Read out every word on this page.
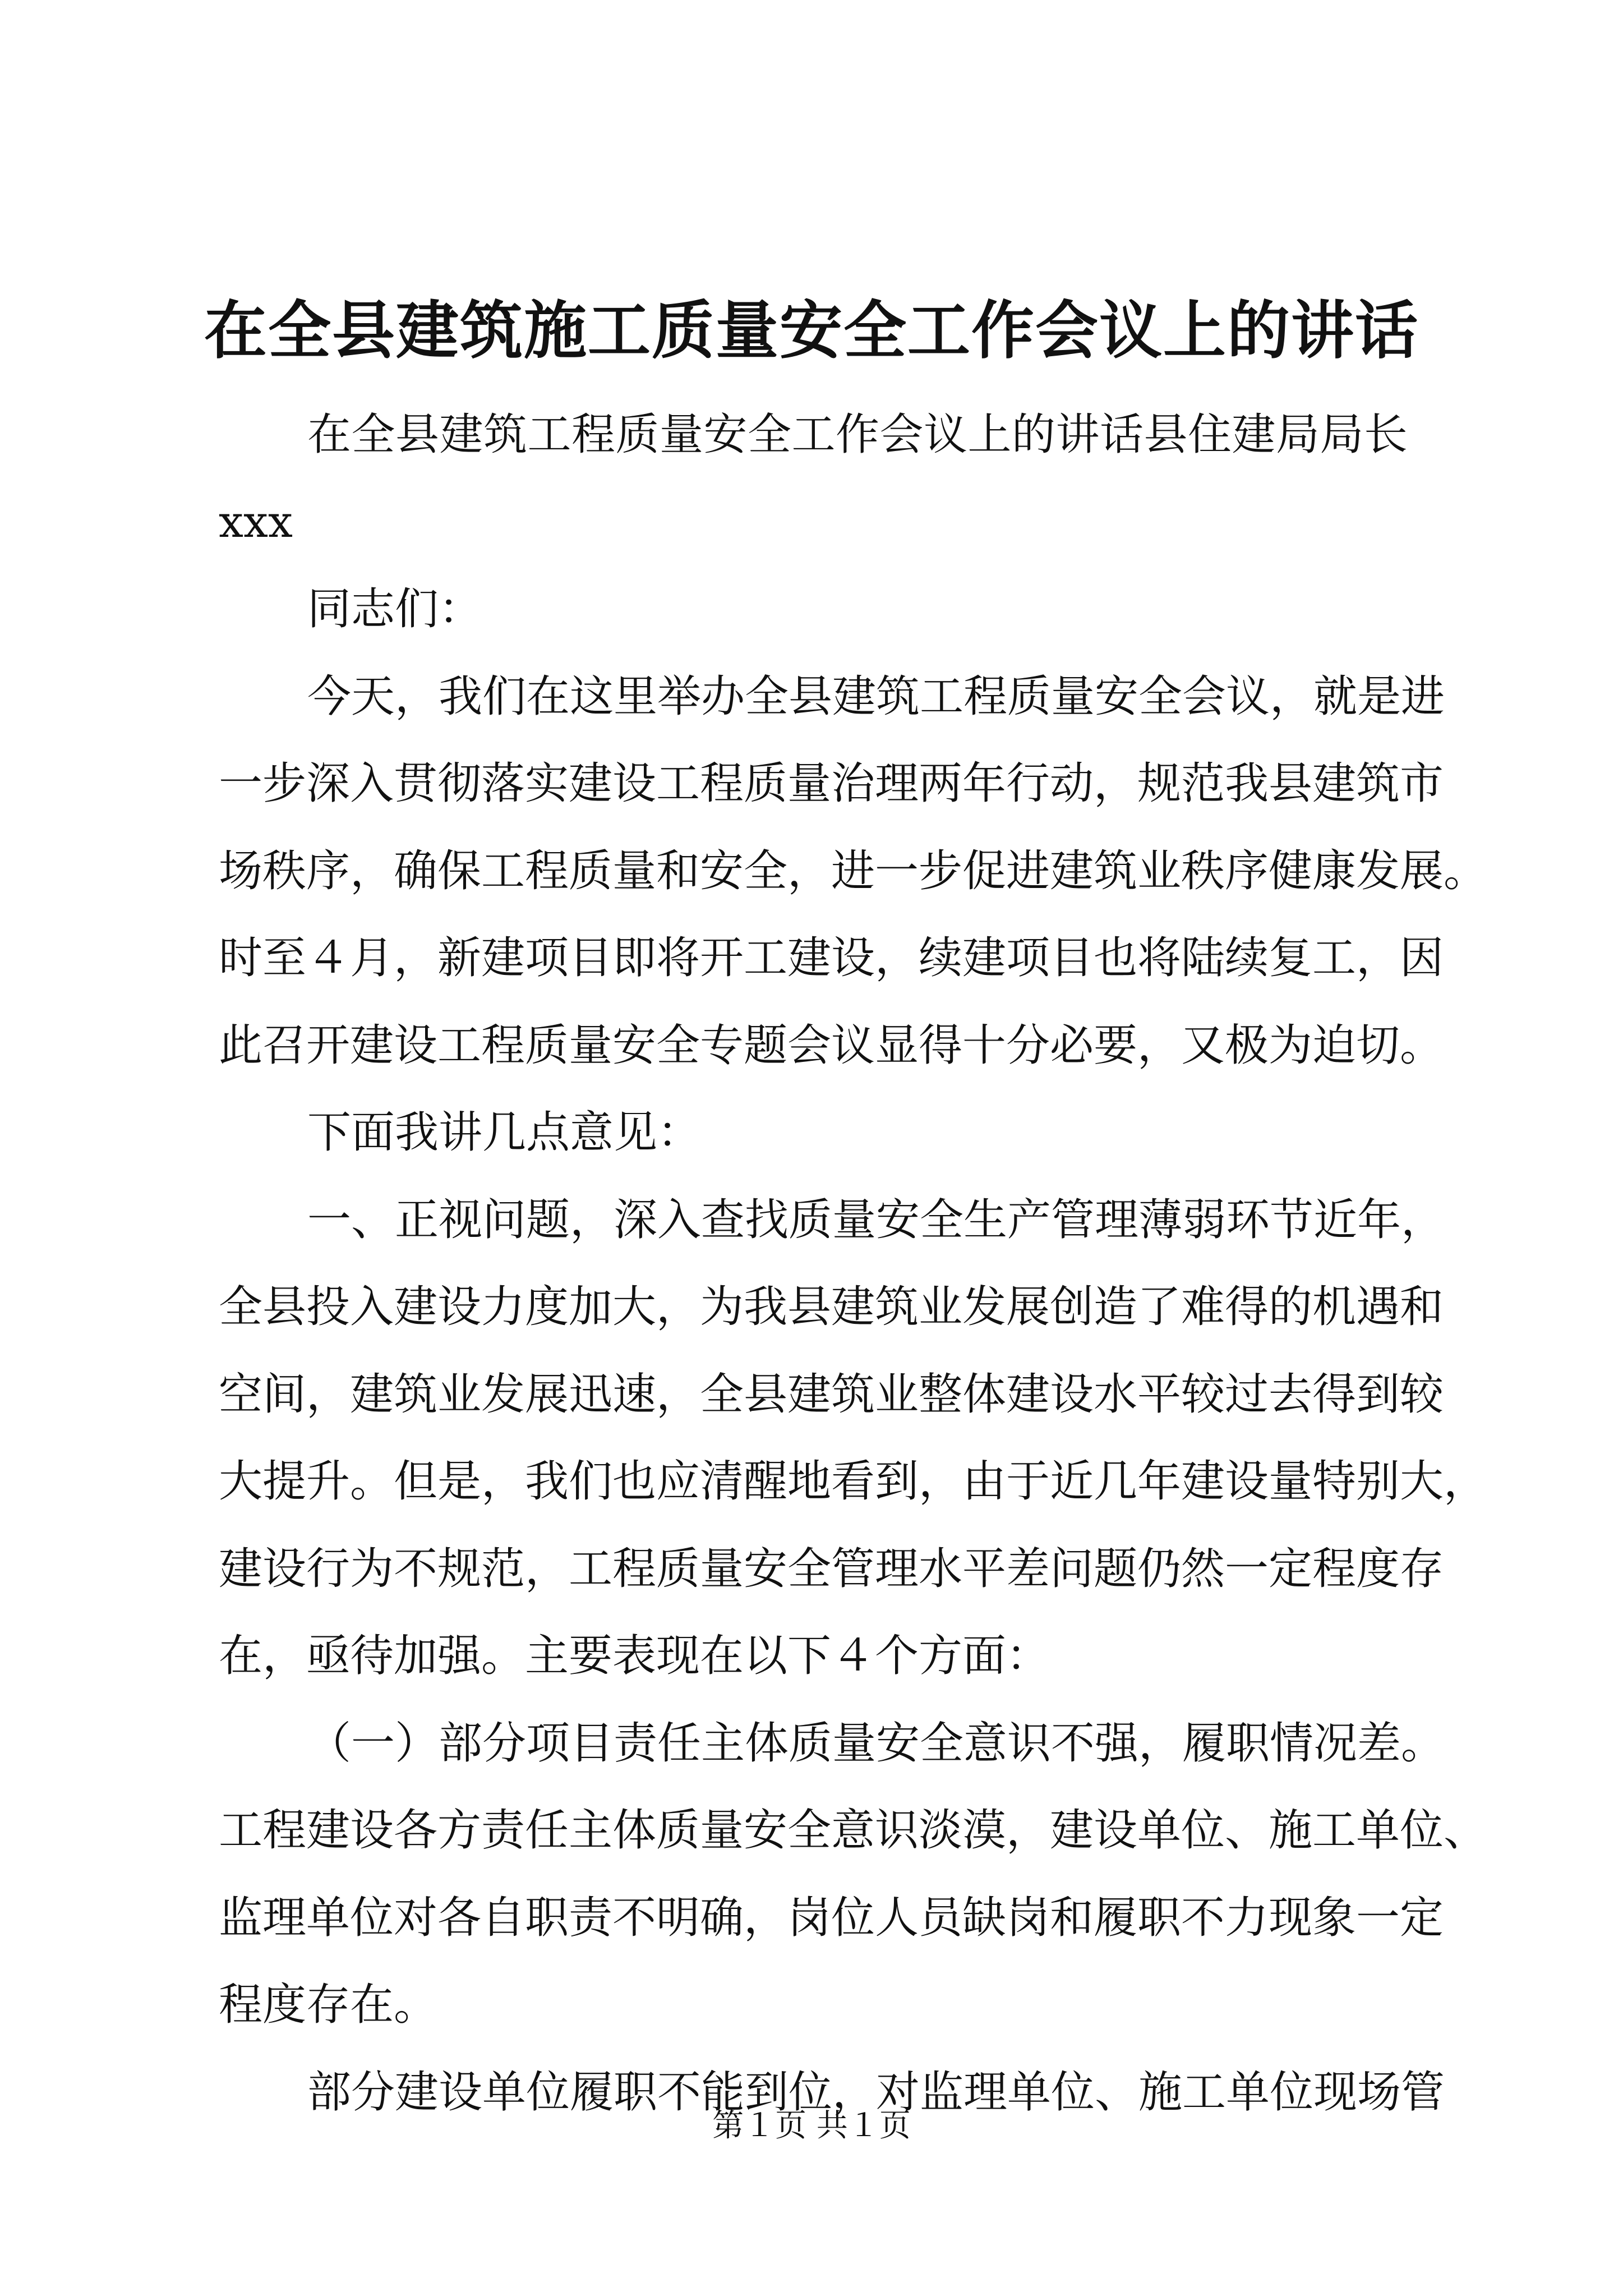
在全县建筑施工质量安全工作会议上的讲话
在全县建筑工程质量安全工作会议上的讲话县住建局局长
xxx
同志们：
今天，我们在这里举办全县建筑工程质量安全会议，就是进
一步深入贯彻落实建设工程质量治理两年行动，规范我县建筑市
场秩序，确保工程质量和安全，进一步促进建筑业秩序健康发展。
时至４月，新建项目即将开工建设，续建项目也将陆续复工，因
此召开建设工程质量安全专题会议显得十分必要，又极为迫切。
下面我讲几点意见：
一、正视问题，深入查找质量安全生产管理薄弱环节近年，
全县投入建设力度加大，为我县建筑业发展创造了难得的机遇和
空间，建筑业发展迅速，全县建筑业整体建设水平较过去得到较
大提升。但是，我们也应清醒地看到，由于近几年建设量特别大，
建设行为不规范，工程质量安全管理水平差问题仍然一定程度存
在，亟待加强。主要表现在以下４个方面：
（一）部分项目责任主体质量安全意识不强，履职情况差。
工程建设各方责任主体质量安全意识淡漠，建设单位、施工单位、
监理单位对各自职责不明确，岗位人员缺岗和履职不力现象一定
程度存在。
部分建设单位履职不能到位，对监理单位、施工单位现场管
第１页 共１页
